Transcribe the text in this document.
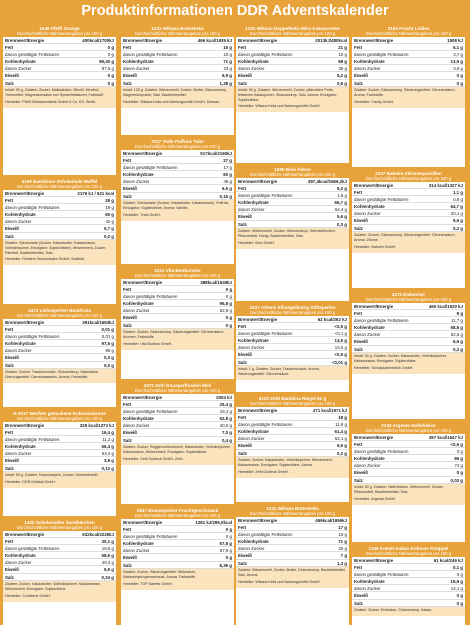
Produktinformationen DDR Adventskalender
1046 Pfeffi Orange
Durchschnittliche Nährwertangaben pro 100 g
Brennwert/Energie	400kcal/1700kJ
Fett	0 g
davon gesättigte Fettsäuren	0 g
Kohlenhydrate	98,40 g
davon Zucker	97,5 g
Eiweiß	0 g
Salz	0 g

Inhalt: 50 g. Zutaten: Zucker, Maltodextrin, Minzöl, Menthol, Trennmittel: Magnesiumsalze von Speisefettsäuren, Farbstoff.

Hersteller: Pfeffi Süßwarenfabrik GmbH & Co. KG, Berlin.

3160 Bambinos Schokolade Waffel
Durchschnittliche Nährwertangaben pro 100 g
Brennwert/Energie	2176 kJ / 521 kcal
Fett	29 g
davon gesättigte Fettsäuren	19 g
Kohlenhydrate	60 g
davon Zucker	42 g
Eiweiß	5,7 g
Salz	0,2 g

Zutaten: Schokolade (Zucker, Kakaobutter, Kakaomasse, Vollmilchpulver, Emulgator: Sojalecithine), Weizenmehl, Zucker, Palmfett, Backtriebmittel, Salz.

Hersteller: Rotstern Schokoladen GmbH, Saalfeld.

2472 Liebesperlen Bunt/Cola
Durchschnittliche Nährwertangaben pro 100 g
Brennwert/Energie	391kcal/1663kJ
Fett	0,01 g
davon gesättigte Fettsäuren	0,01 g
Kohlenhydrate	97,6 g
davon Zucker	96 g
Eiweiß	0,3 g
Salz	0,0 g

Zutaten: Zucker, Traubenzucker, Glukosesirup, Maisstärke, Überzugsmittel: Carnaubawachs, Aroma, Farbstoffe.

H-2017 Würfels gebackene Kokosmakrone
Durchschnittliche Nährwertangaben pro 100 g
Brennwert/Energie	325 kcal/1373 kJ
Fett	16,4 g
davon gesättigte Fettsäuren	11,2 g
Kohlenhydrate	56,4 g
davon Zucker	53,4 g
Eiweiß	3,9 g
Salz	0,12 g

Inhalt: 50 g. Zutaten: Kokosraspeln, Zucker, Hühnereiweiß.

Hersteller: DDR Gebäck GmbH.

1430 Schokoladen Sandbärchen
Durchschnittliche Nährwertangaben pro 100 g
Brennwert/Energie	532kcal/2226kJ
Fett	30,1 g
davon gesättigte Fettsäuren	18,6 g
Kohlenhydrate	58,6 g
davon Zucker	49,4 g
Eiweiß	5,5 g
Salz	0,34 g

Zutaten: Zucker, Kakaobutter, Vollmilchpulver, Kakaomasse, Weizenmehl, Emulgator: Sojalecithine.

Hersteller: Confiserie GmbH.

1241 Wikana Butterkeks
Durchschnittliche Nährwertangaben pro 100 g
Brennwert/Energie	466 kcal/1935 kJ
Fett	16 g
davon gesättigte Fettsäuren	10 g
Kohlenhydrate	71 g
davon Zucker	23 g
Eiweiß	6,9 g
Salz	1,38 g

Inhalt: 125 g. Zutaten: Weizenmehl, Zucker, Butter, Glukosesirup, Magermilchpulver, Salz, Backtriebmittel.

Hersteller: Wikana Keks und Nahrungsmittel GmbH, Dessau.

7027 Trafo Puffreis Taler
Durchschnittliche Nährwertangaben pro 100 g
Brennwert/Energie	517kcal/2160kJ
Fett	27 g
davon gesättigte Fettsäuren	17 g
Kohlenhydrate	60 g
davon Zucker	45 g
Eiweiß	6,5 g
Salz	0,15 g

Zutaten: Schokolade (Zucker, Kakaobutter, Kakaomasse), Puffreis, Emulgator: Sojalecithine, Aroma: Vanillin.

Hersteller: Trafo GmbH.

2241 Vita Bonbonmix
Durchschnittliche Nährwertangaben pro 100 g
Brennwert/Energie	388kcal/1649kJ
Fett	0 g
davon gesättigte Fettsäuren	0 g
Kohlenhydrate	95,8 g
davon Zucker	62,9 g
Eiweiß	0 g
Salz	0 g

Zutaten: Zucker, Glukosesirup, Säuerungsmittel: Citronensäure, Aromen, Farbstoffe.

Hersteller: Vita Bonbon GmbH.

3472 Zetti Knusperflocken Mini
Durchschnittliche Nährwertangaben pro 100 g
Brennwert/Energie	2004 kJ
Fett	29,4 g
davon gesättigte Fettsäuren	18,4 g
Kohlenhydrate	62,8 g
davon Zucker	40,0 g
Eiweiß	7,0 g
Salz	0,4 g

Zutaten: Zucker, Roggenvollkornmehl, Kakaobutter, Vollmilchpulver, Kakaomasse, Weizenmehl, Emulgator: Sojalecithine.

Hersteller: Zetti Goldeck GmbH, Zeitz.

2647 Brausepulver Fruchtgeschmack
Durchschnittliche Nährwertangaben pro 100 g
Brennwert/Energie	1281 kJ/296,0kcal
Fett	0 g
davon gesättigte Fettsäuren	0 g
Kohlenhydrate	57,8 g
davon Zucker	57,8 g
Eiweiß	0 g
Salz	8,36 g

Zutaten: Zucker, Säuerungsmittel: Weinsäure, Natriumhydrogencarbonat, Aroma, Farbstoffe.

Hersteller: TOP Sweets GmbH.

1230 Wikana Doppelkeks Minz Kakaocreme
Durchschnittliche Nährwertangaben pro 100 g
Brennwert/Energie	2013kJ/480kcal
Fett	21 g
davon gesättigte Fettsäuren	10 g
Kohlenhydrate	68 g
davon Zucker	35 g
Eiweiß	5,2 g
Salz	0,6 g

Inhalt: 90 g. Zutaten: Weizenmehl, Zucker, pflanzliche Fette, fettarmes Kakaopulver, Glukosesirup, Salz, Aroma, Emulgator: Sojalecithine.

Hersteller: Wikana Keks und Nahrungsmittel GmbH.

1095 Bino Kekse
Durchschnittliche Nährwertangaben pro 100 g
Brennwert/Energie	397,4kcal/1669,2kJ
Fett	9,3 g
davon gesättigte Fettsäuren	1,8 g
Kohlenhydrate	66,7 g
davon Zucker	64,4 g
Eiweiß	5,6 g
Salz	0,3 g

Zutaten: Weizenmehl, Zucker, Glukosesirup, Getreideflocken, Pflanzenfett, Honig, Backtriebmittel, Salz.

Hersteller: Bino GmbH.

2437 Athene Elbsegelboing Stiftsperlen
Durchschnittliche Nährwertangaben pro 100 g
Brennwert/Energie	62 kcal/262 kJ
Fett	<0,5 g
davon gesättigte Fettsäuren	<0,1 g
Kohlenhydrate	13,5 g
davon Zucker	13,5 g
Eiweiß	<0,5 g
Salz	<0,01 g

Inhalt: 1 g. Zutaten: Zucker, Traubenzucker, Aroma, Säuerungsmittel: Citronensäure.

3120 Zetti Bambina Riegel 51 g
Durchschnittliche Nährwertangaben pro 100 g
Brennwert/Energie	471 kcal/1971 kJ
Fett	18 g
davon gesättigte Fettsäuren	11,9 g
Kohlenhydrate	61,4 g
davon Zucker	52,1 g
Eiweiß	5,6 g
Salz	0,2 g

Zutaten: Zucker, Kakaobutter, Vollmilchpulver, Weizenmehl, Kakaomasse, Emulgator: Sojalecithine, Aroma.

Hersteller: Zetti Goldeck GmbH.

1241 Wikana Butterkeks
Durchschnittliche Nährwertangaben pro 100 g
Brennwert/Energie	469kcal/1956kJ
Fett	17 g
davon gesättigte Fettsäuren	10 g
Kohlenhydrate	71 g
davon Zucker	25 g
Eiweiß	7 g
Salz	1,3 g

Zutaten: Weizenmehl, Zucker, Butter, Glukosesirup, Backtriebmittel, Salz, Aroma.

Hersteller: Wikana Keks und Nahrungsmittel GmbH.

2164 Frucht Lollies
Durchschnittliche Nährwertangaben pro 100 g
Brennwert/Energie	1508 kJ
Fett	5,1 g
davon gesättigte Fettsäuren	3,7 g
Kohlenhydrate	13,5 g
davon Zucker	3,9 g
Eiweiß	0 g
Salz	0 g

Zutaten: Zucker, Glukosesirup, Säuerungsmittel: Citronensäure, Aroma, Farbstoffe.

Hersteller: Candy GmbH.

2247 Bahnen Zitronenpastillen
Durchschnittliche Nährwertangaben pro 100 g
Brennwert/Energie	314 kcal/1327 kJ
Fett	1,1 g
davon gesättigte Fettsäuren	0,8 g
Kohlenhydrate	64,7 g
davon Zucker	20,1 g
Eiweiß	9,6 g
Salz	0,2 g

Zutaten: Zucker, Glukosesirup, Säuerungsmittel: Citronensäure, Aroma: Zitrone.

Hersteller: Bahnen GmbH.

3273 Eisbecher
Durchschnittliche Nährwertangaben pro 100 g
Brennwert/Energie	460 kcal/1920 kJ
Fett	8 g
davon gesättigte Fettsäuren	11,7 g
Kohlenhydrate	58,8 g
davon Zucker	52,5 g
Eiweiß	6,6 g
Salz	0,2 g

Inhalt: 50 g. Zutaten: Zucker, Kakaobutter, Vollmilchpulver, Kakaomasse, Emulgator: Sojalecithine.

Hersteller: Schokoladenfabrik GmbH.

2143 Argenta Haferkekse
Durchschnittliche Nährwertangaben pro 100 g
Brennwert/Energie	397 kcal/1647 kJ
Fett	<0,5 g
davon gesättigte Fettsäuren	0 g
Kohlenhydrate	96 g
davon Zucker	74 g
Eiweiß	0 g
Salz	0,02 g

Inhalt: 50 g. Zutaten: Haferflocken, Weizenmehl, Zucker, Pflanzenfett, Backtriebmittel, Salz.

Hersteller: Argenta GmbH.

1166 Komet Kakao Erdnuss Knüppel
Durchschnittliche Nährwertangaben pro 100 g
Brennwert/Energie	61 kcal/246 kJ
Fett	0,1 g
davon gesättigte Fettsäuren	0 g
Kohlenhydrate	15,9 g
davon Zucker	12,1 g
Eiweiß	0 g
Salz	0 g

Zutaten: Zucker, Erdnüsse, Glukosesirup, Kakao.
